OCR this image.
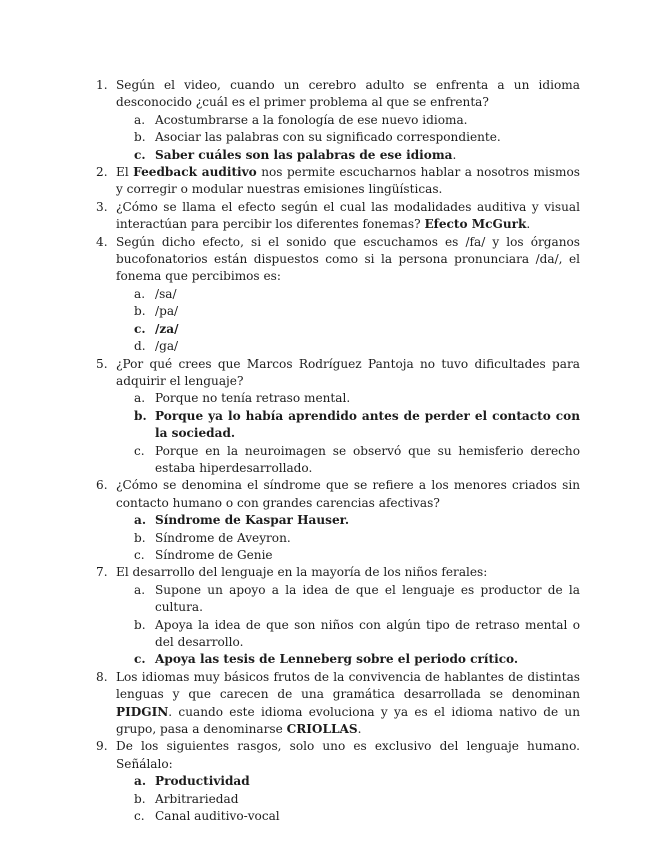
1. Según el video, cuando un cerebro adulto se enfrenta a un idioma desconocido ¿cuál es el primer problema al que se enfrenta?
a. Acostumbrarse a la fonología de ese nuevo idioma.
b. Asociar las palabras con su significado correspondiente.
c. Saber cuáles son las palabras de ese idioma.
2. El Feedback auditivo nos permite escucharnos hablar a nosotros mismos y corregir o modular nuestras emisiones lingüísticas.
3. ¿Cómo se llama el efecto según el cual las modalidades auditiva y visual interactúan para percibir los diferentes fonemas? Efecto McGurk.
4. Según dicho efecto, si el sonido que escuchamos es /fa/ y los órganos bucofonatorios están dispuestos como si la persona pronunciara /da/, el fonema que percibimos es:
a. /sa/
b. /pa/
c. /za/
d. /ga/
5. ¿Por qué crees que Marcos Rodríguez Pantoja no tuvo dificultades para adquirir el lenguaje?
a. Porque no tenía retraso mental.
b. Porque ya lo había aprendido antes de perder el contacto con la sociedad.
c. Porque en la neuroimagen se observó que su hemisferio derecho estaba hiperdesarrollado.
6. ¿Cómo se denomina el síndrome que se refiere a los menores criados sin contacto humano o con grandes carencias afectivas?
a. Síndrome de Kaspar Hauser.
b. Síndrome de Aveyron.
c. Síndrome de Genie
7. El desarrollo del lenguaje en la mayoría de los niños ferales:
a. Supone un apoyo a la idea de que el lenguaje es productor de la cultura.
b. Apoya la idea de que son niños con algún tipo de retraso mental o del desarrollo.
c. Apoya las tesis de Lenneberg sobre el periodo crítico.
8. Los idiomas muy básicos frutos de la convivencia de hablantes de distintas lenguas y que carecen de una gramática desarrollada se denominan PIDGIN. cuando este idioma evoluciona y ya es el idioma nativo de un grupo, pasa a denominarse CRIOLLAS.
9. De los siguientes rasgos, solo uno es exclusivo del lenguaje humano. Señálalo:
a. Productividad
b. Arbitrariedad
c. Canal auditivo-vocal
